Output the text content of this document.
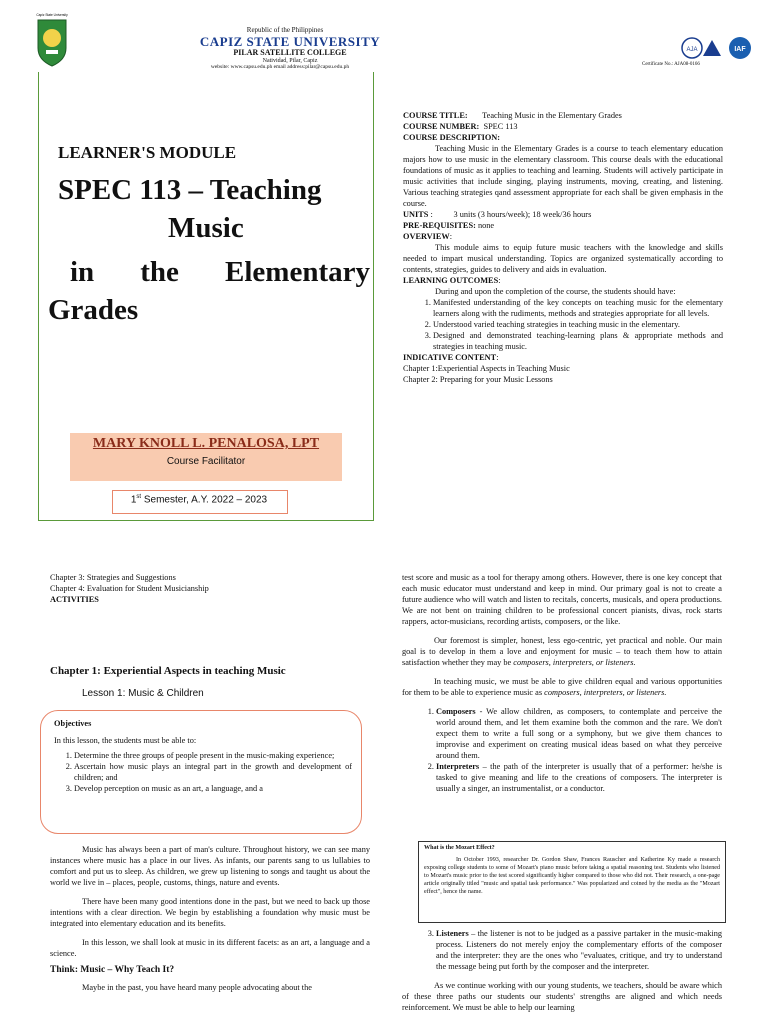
Capiz State University
Republic of the Philippines
CAPIZ STATE UNIVERSITY
PILAR SATELLITE COLLEGE
Natividad, Pilar, Capiz
website: www.capsu.edu.ph email address:pilar@capsu.edu.ph
AJA	IAF
Certificate No.: AJA08-0166
LEARNER'S MODULE
SPEC 113 – Teaching
Music
in the Elementary
Grades
MARY KNOLL L. PENALOSA, LPT
Course Facilitator
1st Semester, A.Y. 2022 – 2023
COURSE TITLE: Teaching Music in the Elementary Grades
COURSE NUMBER: SPEC 113
COURSE DESCRIPTION:
Teaching Music in the Elementary Grades is a course to teach elementary education majors how to use music in the elementary classroom. This course deals with the educational foundations of music as it applies to teaching and learning. Students will actively participate in music activities that include singing, playing instruments, moving, creating, and listening. Various teaching strategies qand assessment appropriate for each shall be given emphasis in the course.
UNITS :          3 units (3 hours/week); 18 week/36 hours
PRE-REQUISITES: none
OVERVIEW:
This module aims to equip future music teachers with the knowledge and skills needed to impart musical understanding. Topics are organized systematically according to contents, strategies, guides to delivery and aids in evaluation.
LEARNING OUTCOMES:
During and upon the completion of the course, the students should have:
1. Manifested understanding of the key concepts on teaching music for the elementary learners along with the rudiments, methods and strategies appropriate for all levels.
2. Understood varied teaching strategies in teaching music in the elementary.
3. Designed and demonstrated teaching-learning plans & appropriate methods and strategies in teaching music.
INDICATIVE CONTENT:
Chapter 1:Experiential Aspects in Teaching Music
Chapter 2: Preparing for your Music Lessons
Chapter 3: Strategies and Suggestions
Chapter 4: Evaluation for Student Musicianship
ACTIVITIES
Chapter 1: Experiential Aspects in teaching Music
Lesson 1: Music & Children
Objectives
In this lesson, the students must be able to:
1. Determine the three groups of people present in the music-making experience;
2. Ascertain how music plays an integral part in the growth and development of children; and
3. Develop perception on music as an art, a language, and a
Music has always been a part of man's culture. Throughout history, we can see many instances where music has a place in our lives. As infants, our parents sang to us lullabies to comfort and put us to sleep. As children, we grew up listening to songs and taught us about the world we live in – places, people, customs, things, nature and events.
There have been many good intentions done in the past, but we need to back up those intentions with a clear direction. We begin by establishing a foundation why music must be integrated into elementary education and its benefits.
In this lesson, we shall look at music in its different facets: as an art, a language and a science.
Think: Music – Why Teach It?
Maybe in the past, you have heard many people advocating about the
test score and music as a tool for therapy among others. However, there is one key concept that each music educator must understand and keep in mind. Our primary goal is not to create a future audience who will watch and listen to recitals, concerts, musicals, and opera productions. We are not bent on training children to be professional concert pianists, divas, rock starts rappers, actor-musicians, recording artists, composers, or the like.
Our foremost is simpler, honest, less ego-centric, yet practical and noble. Our main goal is to develop in them a love and enjoyment for music – to teach them how to attain satisfaction whether they may be composers, interpreters, or listeners.
In teaching music, we must be able to give children equal and various opportunities for them to be able to experience music as composers, interpreters, or listeners.
1. Composers - We allow children, as composers, to contemplate and perceive the world around them, and let them examine both the common and the rare. We don't expect them to write a full song or a symphony, but we give them chances to improvise and experiment on creating musical ideas based on what they perceive around them.
2. Interpreters – the path of the interpreter is usually that of a performer: he/she is tasked to give meaning and life to the creations of composers. The interpreter is usually a singer, an instrumentalist, or a conductor.
What is the Mozart Effect?
In October 1993, researcher Dr. Gordon Shaw, Frances Rauscher and Katherine Ky made a research exposing college students to some of Mozart's piano music before taking a spatial reasoning test. Students who listened to Mozart's music prior to the test scored significantly higher compared to those who did not. Their research, a one-page article originally titled "music and spatial task performance." Was popularized and coined by the media as the "Mozart effect", hence the name.
3. Listeners – the listener is not to be judged as a passive partaker in the music-making process. Listeners do not merely enjoy the complementary efforts of the composer and the interpreter: they are the ones who "evaluates, critique, and try to understand the message being put forth by the composer and the interpreter.
As we continue working with our young students, we teachers, should be aware which of these three paths our students our students' strengths are aligned and which needs reinforcement. We must be able to help our learning
